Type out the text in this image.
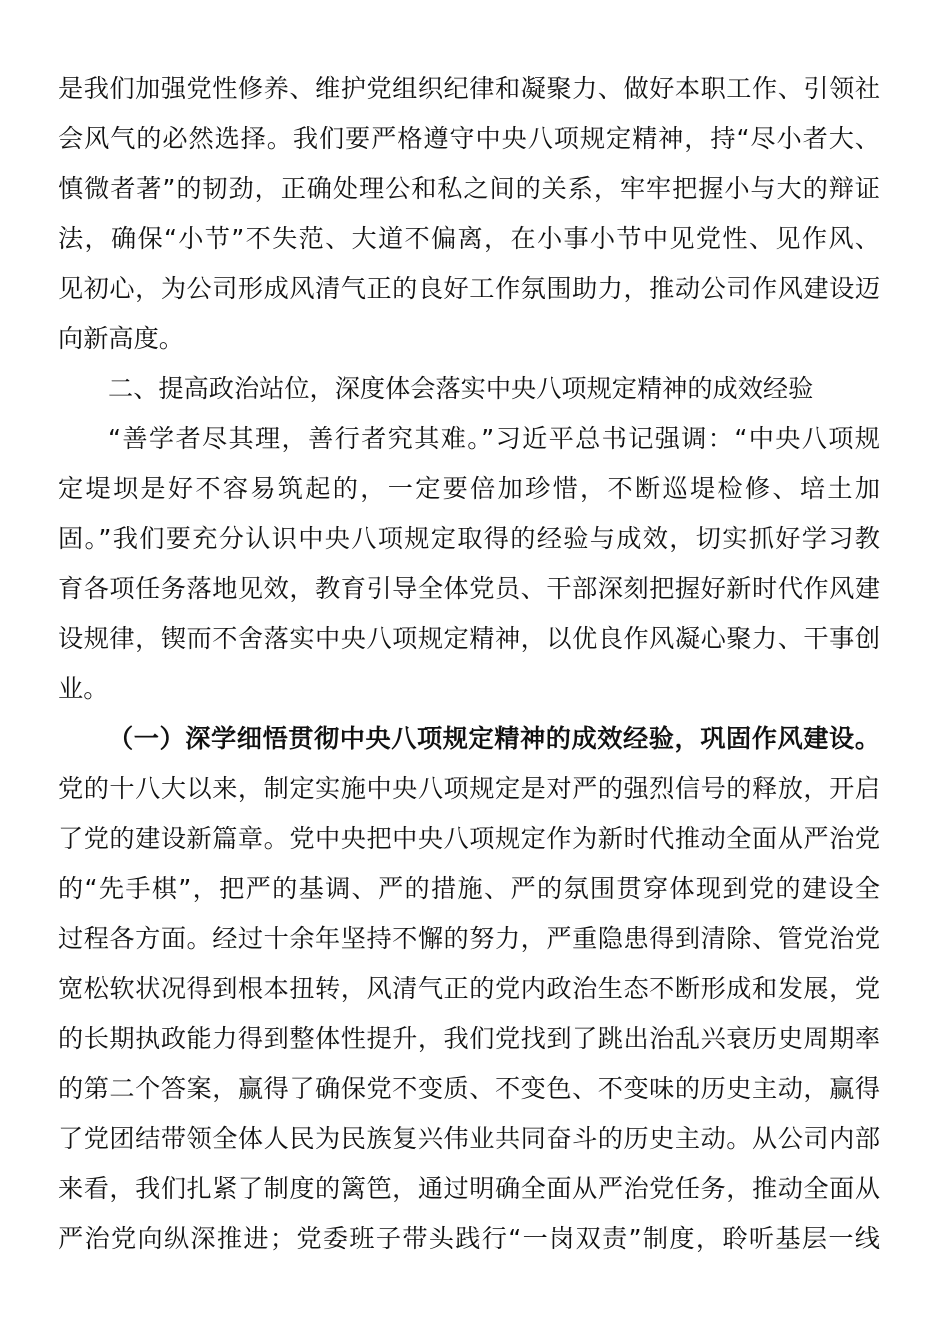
是我们加强党性修养、维护党组织纪律和凝聚力、做好本职工作、引领社
会风气的必然选择。我们要严格遵守中央八项规定精神，持“尽小者大、
慎微者著”的韧劲，正确处理公和私之间的关系，牢牢把握小与大的辩证
法，确保“小节”不失范、大道不偏离，在小事小节中见党性、见作风、
见初心，为公司形成风清气正的良好工作氛围助力，推动公司作风建设迈
向新高度。
二、提高政治站位，深度体会落实中央八项规定精神的成效经验
“善学者尽其理，善行者究其难。”习近平总书记强调：“中央八项规
定堤坝是好不容易筑起的，一定要倍加珍惜，不断巡堤检修、培土加
固。”我们要充分认识中央八项规定取得的经验与成效，切实抓好学习教
育各项任务落地见效，教育引导全体党员、干部深刻把握好新时代作风建
设规律，锲而不舍落实中央八项规定精神，以优良作风凝心聚力、干事创
业。
（一）深学细悟贯彻中央八项规定精神的成效经验，巩固作风建设。
党的十八大以来，制定实施中央八项规定是对严的强烈信号的释放，开启
了党的建设新篇章。党中央把中央八项规定作为新时代推动全面从严治党
的“先手棋”，把严的基调、严的措施、严的氛围贯穿体现到党的建设全
过程各方面。经过十余年坚持不懈的努力，严重隐患得到清除、管党治党
宽松软状况得到根本扭转，风清气正的党内政治生态不断形成和发展，党
的长期执政能力得到整体性提升，我们党找到了跳出治乱兴衰历史周期率
的第二个答案，赢得了确保党不变质、不变色、不变味的历史主动，赢得
了党团结带领全体人民为民族复兴伟业共同奋斗的历史主动。从公司内部
来看，我们扎紧了制度的篱笆，通过明确全面从严治党任务，推动全面从
严治党向纵深推进；党委班子带头践行“一岗双责”制度，聆听基层一线
